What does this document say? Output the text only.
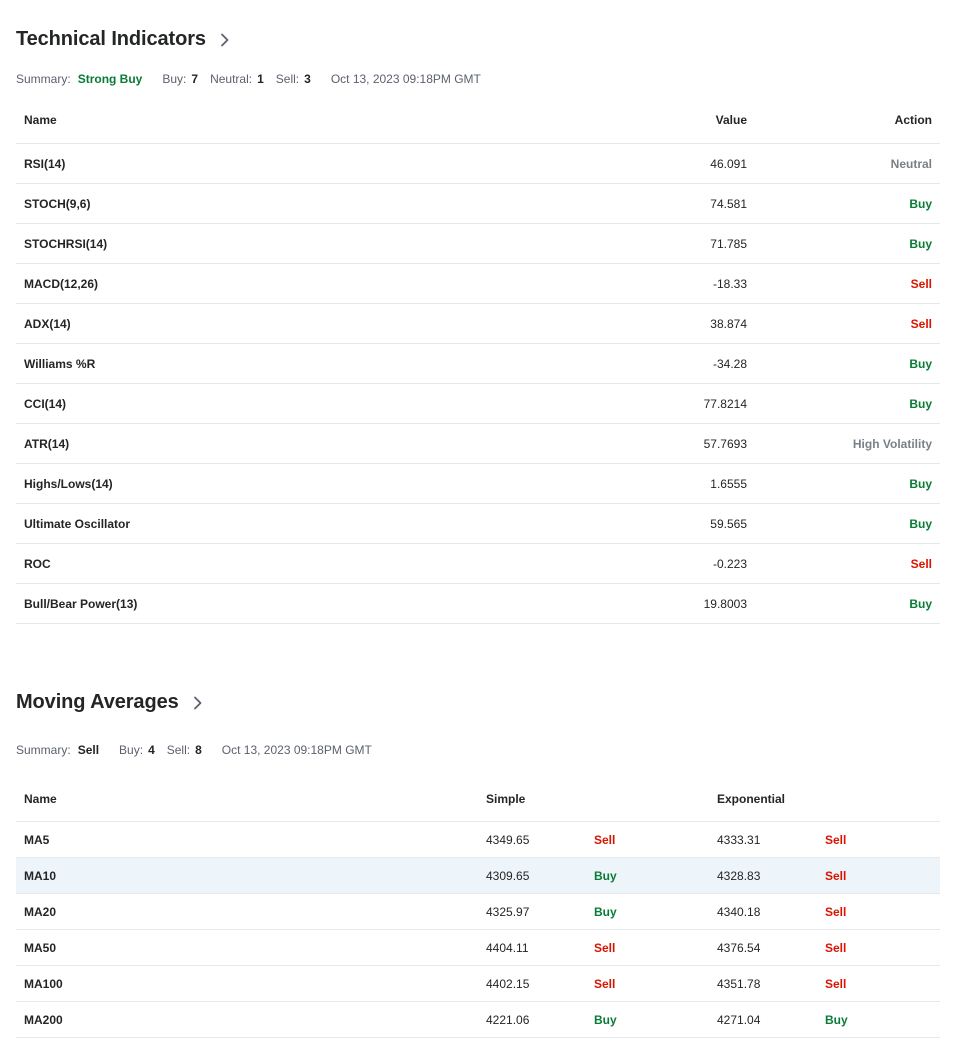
Technical Indicators
Summary: Strong Buy Buy: 7 Neutral: 1 Sell: 3 Oct 13, 2023 09:18PM GMT
Name	Value	Action
RSI(14)	46.091	Neutral
STOCH(9,6)	74.581	Buy
STOCHRSI(14)	71.785	Buy
MACD(12,26)	-18.33	Sell
ADX(14)	38.874	Sell
Williams %R	-34.28	Buy
CCI(14)	77.8214	Buy
ATR(14)	57.7693	High Volatility
Highs/Lows(14)	1.6555	Buy
Ultimate Oscillator	59.565	Buy
ROC	-0.223	Sell
Bull/Bear Power(13)	19.8003	Buy
Moving Averages
Summary: Sell Buy: 4 Sell: 8 Oct 13, 2023 09:18PM GMT
Name	Simple	Exponential
MA5	4349.65	Sell	4333.31	Sell
MA10	4309.65	Buy	4328.83	Sell
MA20	4325.97	Buy	4340.18	Sell
MA50	4404.11	Sell	4376.54	Sell
MA100	4402.15	Sell	4351.78	Sell
MA200	4221.06	Buy	4271.04	Buy
